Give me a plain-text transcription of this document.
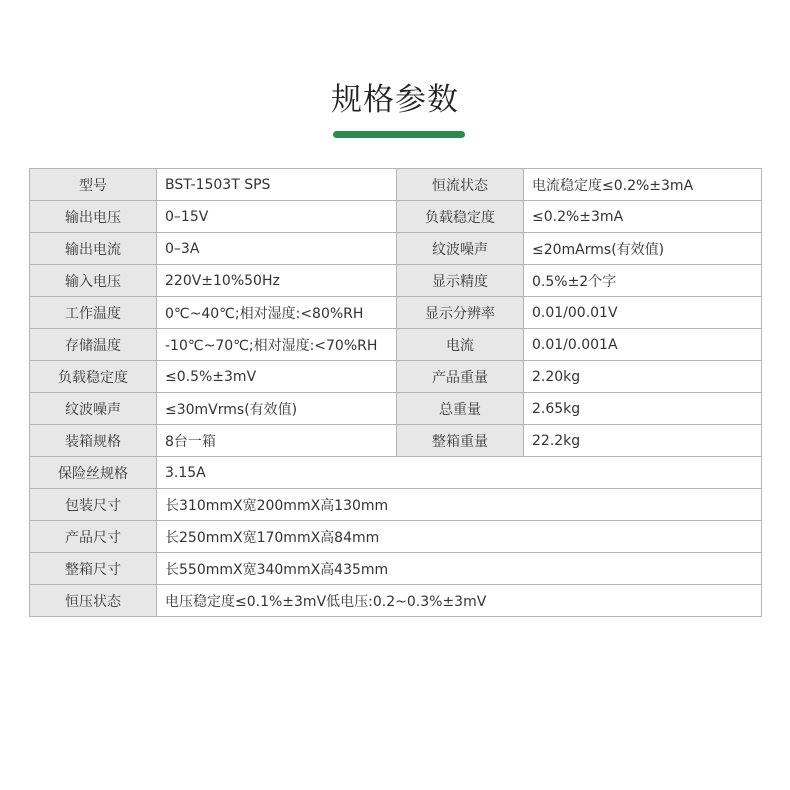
规格参数
型号	BST-1503T SPS	恒流状态	电流稳定度≤0.2%±3mA
输出电压	0–15V	负载稳定度	≤0.2%±3mA
输出电流	0–3A	纹波噪声	≤20mArms(有效值)
输入电压	220V±10%50Hz	显示精度	0.5%±2个字
工作温度	0℃~40℃;相对湿度:<80%RH	显示分辨率	0.01/00.01V
存储温度	-10℃~70℃;相对湿度:<70%RH	电流	0.01/0.001A
负载稳定度	≤0.5%±3mV	产品重量	2.20kg
纹波噪声	≤30mVrms(有效值)	总重量	2.65kg
装箱规格	8台一箱	整箱重量	22.2kg
保险丝规格	3.15A		
包装尺寸	长310mmX宽200mmX高130mm		
产品尺寸	长250mmX宽170mmX高84mm		
整箱尺寸	长550mmX宽340mmX高435mm		
恒压状态	电压稳定度≤0.1%±3mV低电压:0.2~0.3%±3mV		
